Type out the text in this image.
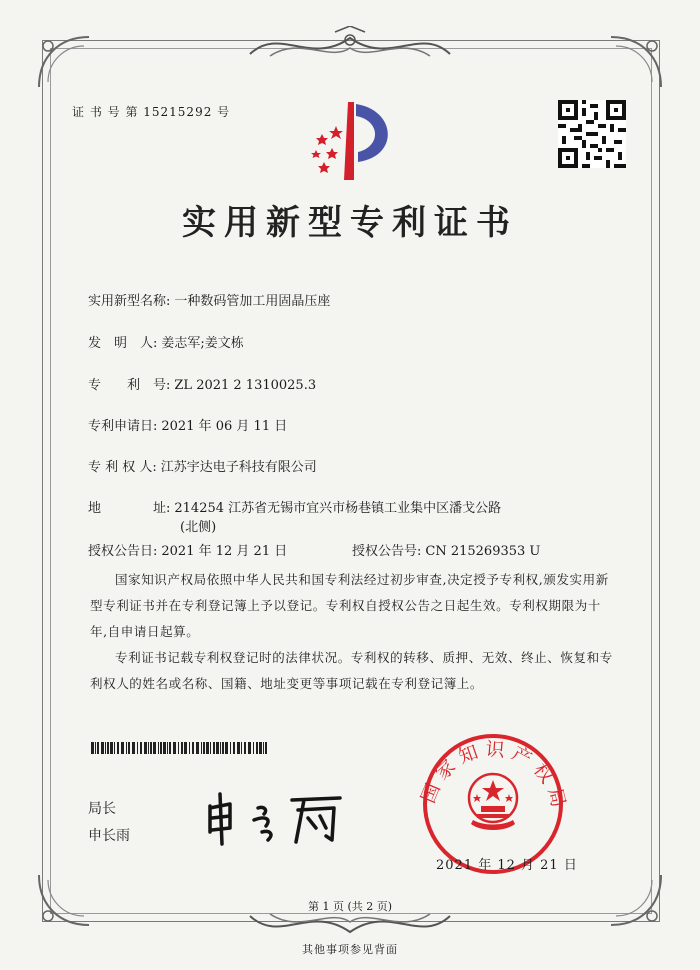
证 书 号 第 15215292 号
实用新型专利证书
实用新型名称: 一种数码管加工用固晶压座
发　明　人: 姜志军;姜文栋
专　　利　号: ZL 2021 2 1310025.3
专利申请日: 2021 年 06 月 11 日
专 利 权 人: 江苏宇达电子科技有限公司
地　　　　址: 214254 江苏省无锡市宜兴市杨巷镇工业集中区潘戈公路
(北侧)
授权公告日: 2021 年 12 月 21 日	授权公告号: CN 215269353 U
国家知识产权局依照中华人民共和国专利法经过初步审查,决定授予专利权,颁发实用新型专利证书并在专利登记簿上予以登记。专利权自授权公告之日起生效。专利权期限为十年,自申请日起算。
专利证书记载专利权登记时的法律状况。专利权的转移、质押、无效、终止、恢复和专利权人的姓名或名称、国籍、地址变更等事项记载在专利登记簿上。
局长
申长雨
国家知识产权局
2021 年 12 月 21 日
第 1 页 (共 2 页)
其他事项参见背面
